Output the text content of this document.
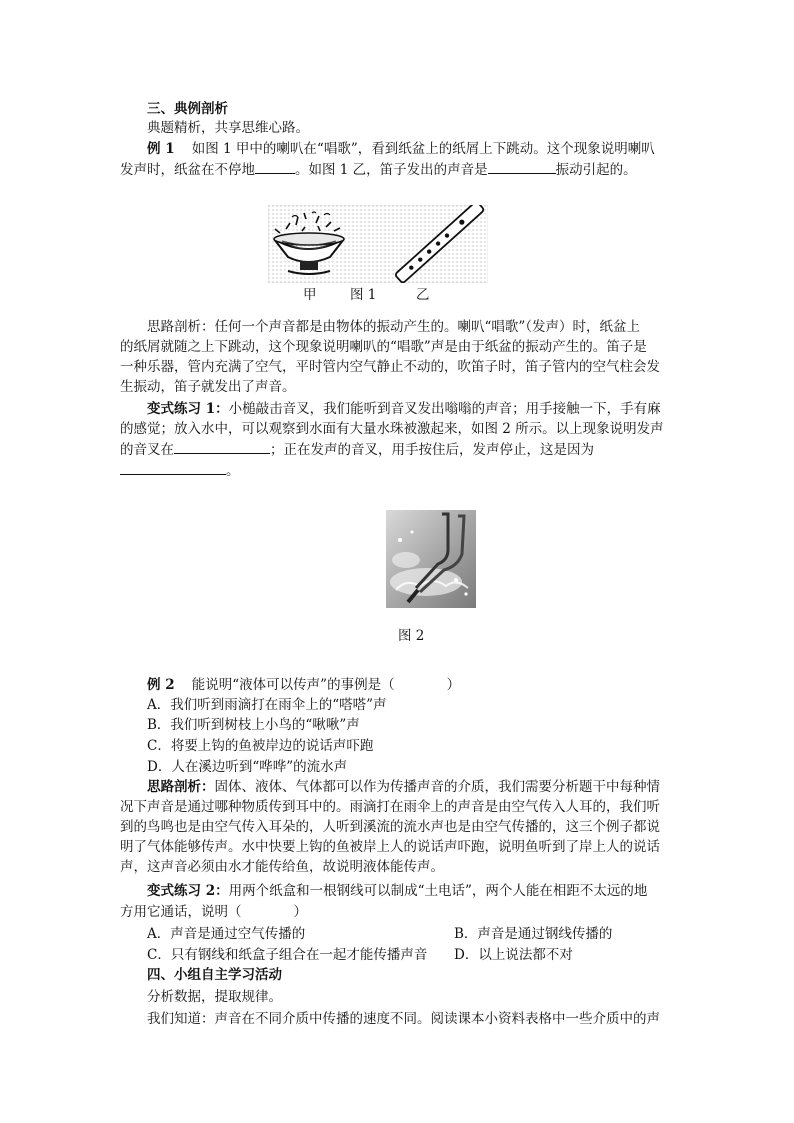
三、典例剖析
典题精析，共享思维心路。
例 1 如图 1 甲中的喇叭在“唱歌”，看到纸盆上的纸屑上下跳动。这个现象说明喇叭
发声时，纸盆在不停地	。如图 1 乙，笛子发出的声音是	振动引起的。
甲 图 1	乙
思路剖析：任何一个声音都是由物体的振动产生的。喇叭“唱歌”（发声）时，纸盆上
的纸屑就随之上下跳动，这个现象说明喇叭的“唱歌”声是由于纸盆的振动产生的。笛子是
一种乐器，管内充满了空气，平时管内空气静止不动的，吹笛子时，笛子管内的空气柱会发
生振动，笛子就发出了声音。
变式练习 1：小槌敲击音叉，我们能听到音叉发出嗡嗡的声音；用手接触一下，手有麻
的感觉；放入水中，可以观察到水面有大量水珠被激起来，如图 2 所示。以上现象说明发声
的音叉在	；正在发声的音叉，用手按住后，发声停止，这是因为
。
图 2
例 2 能说明“液体可以传声”的事例是（	）
A．我们听到雨滴打在雨伞上的“嗒嗒”声
B．我们听到树枝上小鸟的“啾啾”声
C．将要上钩的鱼被岸边的说话声吓跑
D．人在溪边听到“哗哗”的流水声
思路剖析：固体、液体、气体都可以作为传播声音的介质，我们需要分析题干中每种情
况下声音是通过哪种物质传到耳中的。雨滴打在雨伞上的声音是由空气传入人耳的，我们听
到的鸟鸣也是由空气传入耳朵的，人听到溪流的流水声也是由空气传播的，这三个例子都说
明了气体能够传声。水中快要上钩的鱼被岸上人的说话声吓跑，说明鱼听到了岸上人的说话
声，这声音必须由水才能传给鱼，故说明液体能传声。
变式练习 2：用两个纸盒和一根钢线可以制成“土电话”，两个人能在相距不太远的地
方用它通话，说明（	）
A．声音是通过空气传播的	B．声音是通过钢线传播的
C．只有钢线和纸盒子组合在一起才能传播声音 D．以上说法都不对
四、小组自主学习活动
分析数据，提取规律。
我们知道：声音在不同介质中传播的速度不同。阅读课本小资料表格中一些介质中的声
